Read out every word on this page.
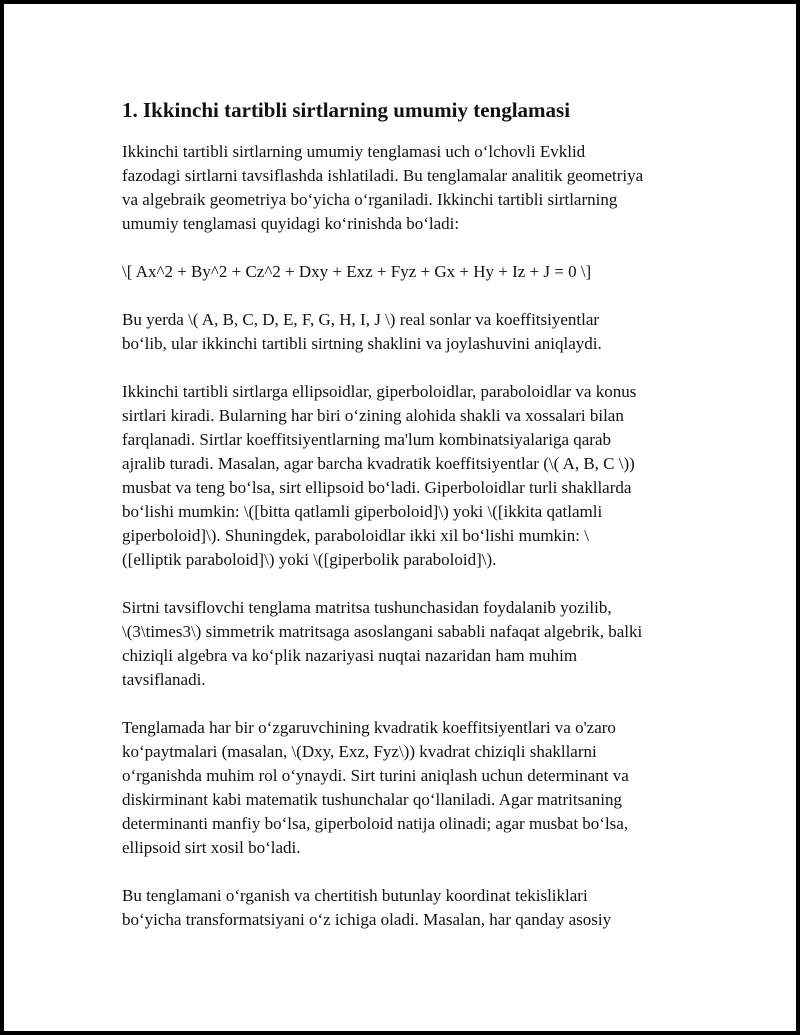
1. Ikkinchi tartibli sirtlarning umumiy tenglamasi

Ikkinchi tartibli sirtlarning umumiy tenglamasi uch o‘lchovli Evklid
fazodagi sirtlarni tavsiflashda ishlatiladi. Bu tenglamalar analitik geometriya
va algebraik geometriya bo‘yicha o‘rganiladi. Ikkinchi tartibli sirtlarning
umumiy tenglamasi quyidagi ko‘rinishda bo‘ladi:

\[ Ax^2 + By^2 + Cz^2 + Dxy + Exz + Fyz + Gx + Hy + Iz + J = 0 \]

Bu yerda \( A, B, C, D, E, F, G, H, I, J \) real sonlar va koeffitsiyentlar
bo‘lib, ular ikkinchi tartibli sirtning shaklini va joylashuvini aniqlaydi.

Ikkinchi tartibli sirtlarga ellipsoidlar, giperboloidlar, paraboloidlar va konus
sirtlari kiradi. Bularning har biri o‘zining alohida shakli va xossalari bilan
farqlanadi. Sirtlar koeffitsiyentlarning ma'lum kombinatsiyalariga qarab
ajralib turadi. Masalan, agar barcha kvadratik koeffitsiyentlar (\( A, B, C \))
musbat va teng bo‘lsa, sirt ellipsoid bo‘ladi. Giperboloidlar turli shakllarda
bo‘lishi mumkin: \([bitta qatlamli giperboloid]\) yoki \([ikkita qatlamli
giperboloid]\). Shuningdek, paraboloidlar ikki xil bo‘lishi mumkin: \
([elliptik paraboloid]\) yoki \([giperbolik paraboloid]\).

Sirtni tavsiflovchi tenglama matritsa tushunchasidan foydalanib yozilib,
\(3\times3\) simmetrik matritsaga asoslangani sababli nafaqat algebrik, balki
chiziqli algebra va ko‘plik nazariyasi nuqtai nazaridan ham muhim
tavsiflanadi.

Tenglamada har bir o‘zgaruvchining kvadratik koeffitsiyentlari va o'zaro
ko‘paytmalari (masalan, \(Dxy, Exz, Fyz\)) kvadrat chiziqli shakllarni
o‘rganishda muhim rol o‘ynaydi. Sirt turini aniqlash uchun determinant va
diskirminant kabi matematik tushunchalar qo‘llaniladi. Agar matritsaning
determinanti manfiy bo‘lsa, giperboloid natija olinadi; agar musbat bo‘lsa,
ellipsoid sirt xosil bo‘ladi.

Bu tenglamani o‘rganish va chertitish butunlay koordinat tekisliklari
bo‘yicha transformatsiyani o‘z ichiga oladi. Masalan, har qanday asosiy
